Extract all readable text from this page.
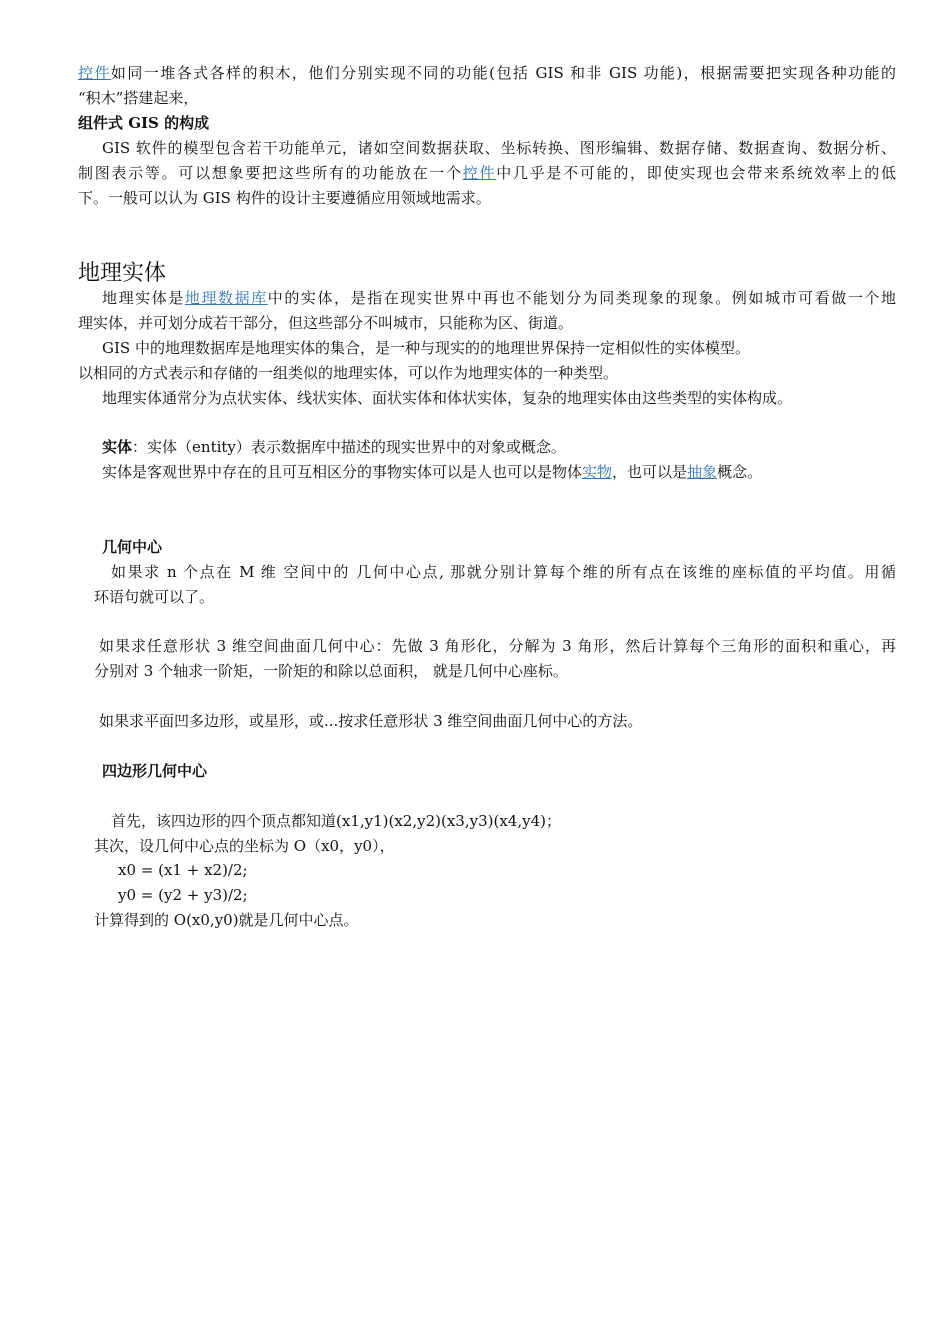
控件如同一堆各式各样的积木，他们分别实现不同的功能(包括 GIS 和非 GIS 功能)，根据需要把实现各种功能的
“积木”搭建起来，
组件式 GIS 的构成
GIS 软件的模型包含若干功能单元，诸如空间数据获取、坐标转换、图形编辑、数据存储、数据查询、数据分析、
制图表示等。可以想象要把这些所有的功能放在一个控件中几乎是不可能的，即使实现也会带来系统效率上的低
下。一般可以认为 GIS 构件的设计主要遵循应用领域地需求。
地理实体
地理实体是地理数据库中的实体，是指在现实世界中再也不能划分为同类现象的现象。例如城市可看做一个地
理实体，并可划分成若干部分，但这些部分不叫城市，只能称为区、街道。
GIS 中的地理数据库是地理实体的集合，是一种与现实的的地理世界保持一定相似性的实体模型。
以相同的方式表示和存储的一组类似的地理实体，可以作为地理实体的一种类型。
地理实体通常分为点状实体、线状实体、面状实体和体状实体，复杂的地理实体由这些类型的实体构成。
实体：实体（entity）表示数据库中描述的现实世界中的对象或概念。
实体是客观世界中存在的且可互相区分的事物实体可以是人也可以是物体实物，也可以是抽象概念。
几何中心
如果求 n 个点在 M 维 空间中的 几何中心点, 那就分别计算每个维的所有点在该维的座标值的平均值。用循
环语句就可以了。
如果求任意形状 3 维空间曲面几何中心：先做 3 角形化，分解为 3 角形，然后计算每个三角形的面积和重心，再
分别对 3 个轴求一阶矩，一阶矩的和除以总面积， 就是几何中心座标。
如果求平面凹多边形，或星形，或...按求任意形状 3 维空间曲面几何中心的方法。
四边形几何中心
首先，该四边形的四个顶点都知道(x1,y1)(x2,y2)(x3,y3)(x4,y4)；
其次，设几何中心点的坐标为 O（x0，y0），
x0 = (x1 + x2)/2;
y0 = (y2 + y3)/2;
计算得到的 O(x0,y0)就是几何中心点。
